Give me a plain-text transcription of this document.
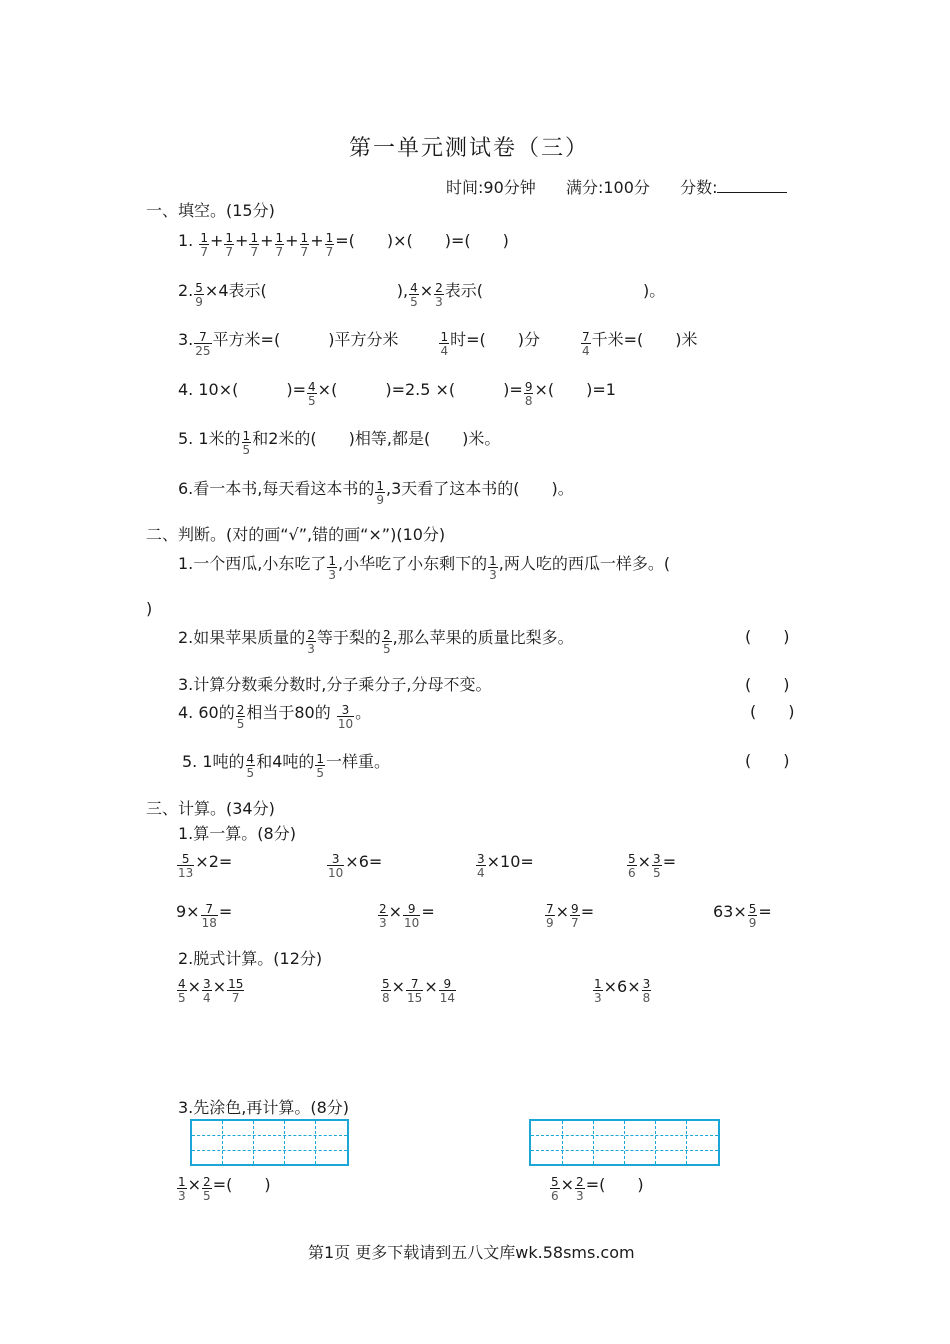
第一单元测试卷（三）
时间:90分钟 满分:100分 分数:
一、填空。(15分)
1. $\frac{1}{7} + \frac{1}{7} + \frac{1}{7} + \frac{1}{7} + \frac{1}{7} + \frac{1}{7}$ =(　　)×(　　)=(　　)
2. $\frac{5}{9} \times 4$表示(	), $\frac{4}{5} \times \frac{2}{3}$ 表示(	)。
3. $\frac{7}{25}$ 平方米=(　　　)平方分米	$\frac{1}{4}$ 时=(　　)分	$\frac{7}{4}$ 千米=(　　)米
4. 10×(　　　)= $\frac{4}{5}$ ×(　　　)=2.5 ×(　　　)= $\frac{9}{8}$ ×(　　)=1
5. 1米的 $\frac{1}{5}$ 和2米的(　　)相等,都是(　　)米。
6.看一本书,每天看这本书的 $\frac{1}{9} ,3$天看了这本书的(　　)。
二、判断。(对的画“√”,错的画“×”)(10分)
1.一个西瓜,小东吃了 $\frac{1}{3}$ ,小华吃了小东剩下的 $\frac{1}{3}$ ,两人吃的西瓜一样多。(
)
2.如果苹果质量的 $\frac{2}{3}$ 等于梨的 $\frac{2}{5}$ ,那么苹果的质量比梨多。	(　　)
3.计算分数乘分数时,分子乘分子,分母不变。	(　　)
4. 60的 $\frac{2}{5}$ 相当于80的 $\frac{3}{10}$ 。	(　　)
5. 1吨的 $\frac{4}{5}$ 和4吨的 $\frac{1}{5}$ 一样重。	(　　)
三、计算。(34分)
1.算一算。(8分)
$\frac{5}{13} \times 2=$	$\frac{3}{10} \times 6=$	$\frac{3}{4} \times 10=$	$\frac{5}{6} \times \frac{3}{5}$ =
$9\times \frac{7}{18}$ =	$\frac{2}{3} \times \frac{9}{10}$ =	$\frac{7}{9} \times \frac{9}{7}$ =	$63\times \frac{5}{9}$ =
2.脱式计算。(12分)
$\frac{4}{5} \times \frac{3}{4} \times \frac{15}{7}$	$\frac{5}{8} \times \frac{7}{15} \times \frac{9}{14}$	$\frac{1}{3} \times 6\times \frac{3}{8}$
3.先涂色,再计算。(8分)
$\frac{1}{3} \times \frac{2}{5}$ =(　　)	$\frac{5}{6} \times \frac{2}{3}$ =(　　)
第1页 更多下载请到五八文库wk.58sms.com
